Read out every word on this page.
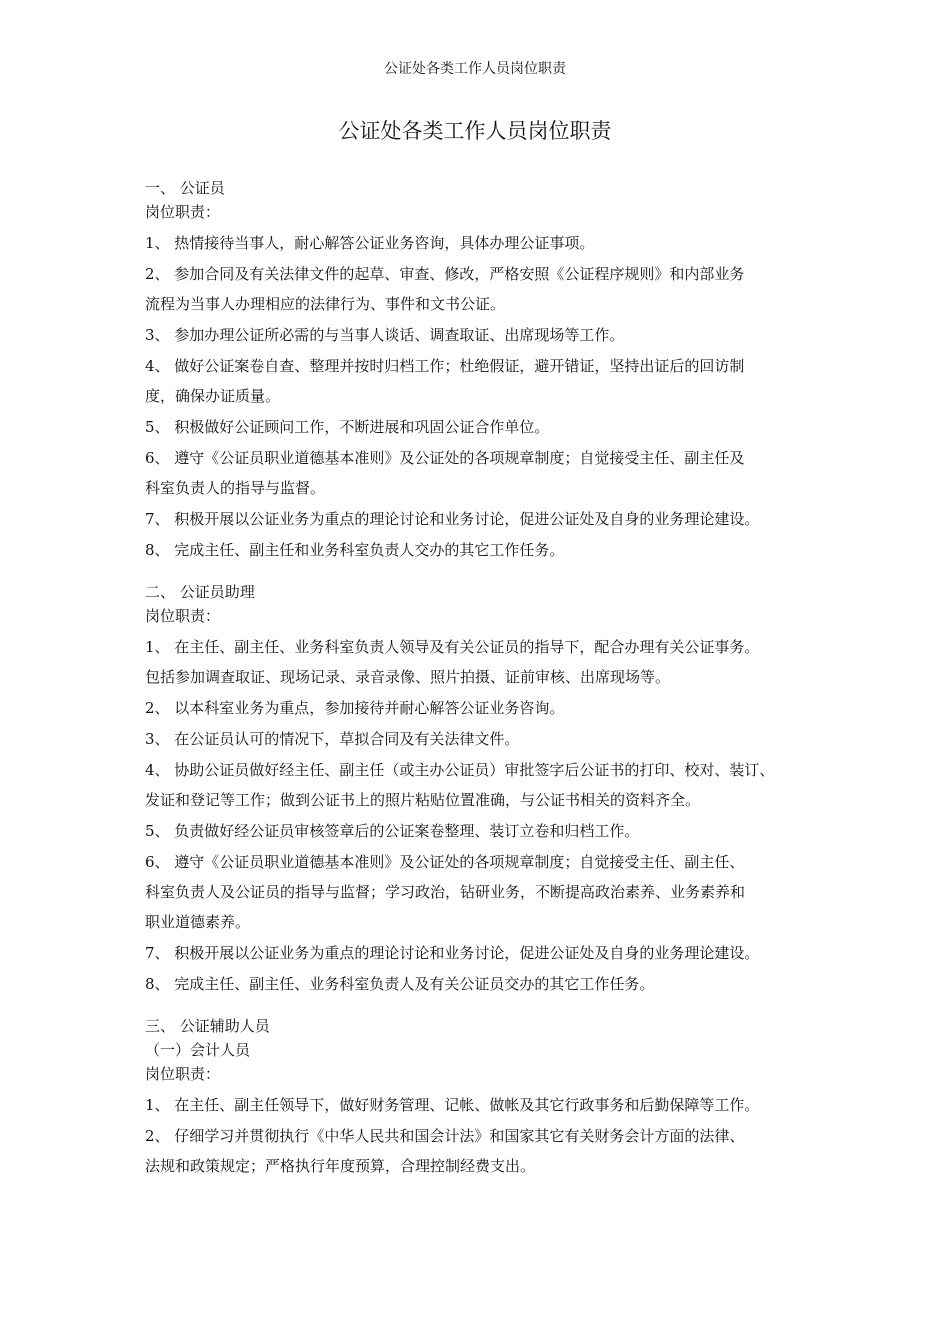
公证处各类工作人员岗位职责
公证处各类工作人员岗位职责
一、 公证员
岗位职责：
1、 热情接待当事人，耐心解答公证业务咨询，具体办理公证事项。
2、 参加合同及有关法律文件的起草、审查、修改，严格安照《公证程序规则》和内部业务
流程为当事人办理相应的法律行为、事件和文书公证。
3、 参加办理公证所必需的与当事人谈话、调查取证、出席现场等工作。
4、 做好公证案卷自查、整理并按时归档工作；杜绝假证，避开错证，坚持出证后的回访制
度，确保办证质量。
5、 积极做好公证顾问工作，不断进展和巩固公证合作单位。
6、 遵守《公证员职业道德基本准则》及公证处的各项规章制度；自觉接受主任、副主任及
科室负责人的指导与监督。
7、 积极开展以公证业务为重点的理论讨论和业务讨论，促进公证处及自身的业务理论建设。
8、 完成主任、副主任和业务科室负责人交办的其它工作任务。
二、 公证员助理
岗位职责：
1、 在主任、副主任、业务科室负责人领导及有关公证员的指导下，配合办理有关公证事务。
包括参加调查取证、现场记录、录音录像、照片拍摄、证前审核、出席现场等。
2、 以本科室业务为重点，参加接待并耐心解答公证业务咨询。
3、 在公证员认可的情况下，草拟合同及有关法律文件。
4、 协助公证员做好经主任、副主任（或主办公证员）审批签字后公证书的打印、校对、装订、
发证和登记等工作；做到公证书上的照片粘贴位置准确，与公证书相关的资料齐全。
5、 负责做好经公证员审核签章后的公证案卷整理、装订立卷和归档工作。
6、 遵守《公证员职业道德基本准则》及公证处的各项规章制度；自觉接受主任、副主任、
科室负责人及公证员的指导与监督；学习政治，钻研业务，不断提高政治素养、业务素养和
职业道德素养。
7、 积极开展以公证业务为重点的理论讨论和业务讨论，促进公证处及自身的业务理论建设。
8、 完成主任、副主任、业务科室负责人及有关公证员交办的其它工作任务。
三、 公证辅助人员
（一）会计人员
岗位职责：
1、 在主任、副主任领导下，做好财务管理、记帐、做帐及其它行政事务和后勤保障等工作。
2、 仔细学习并贯彻执行《中华人民共和国会计法》和国家其它有关财务会计方面的法律、
法规和政策规定；严格执行年度预算，合理控制经费支出。
